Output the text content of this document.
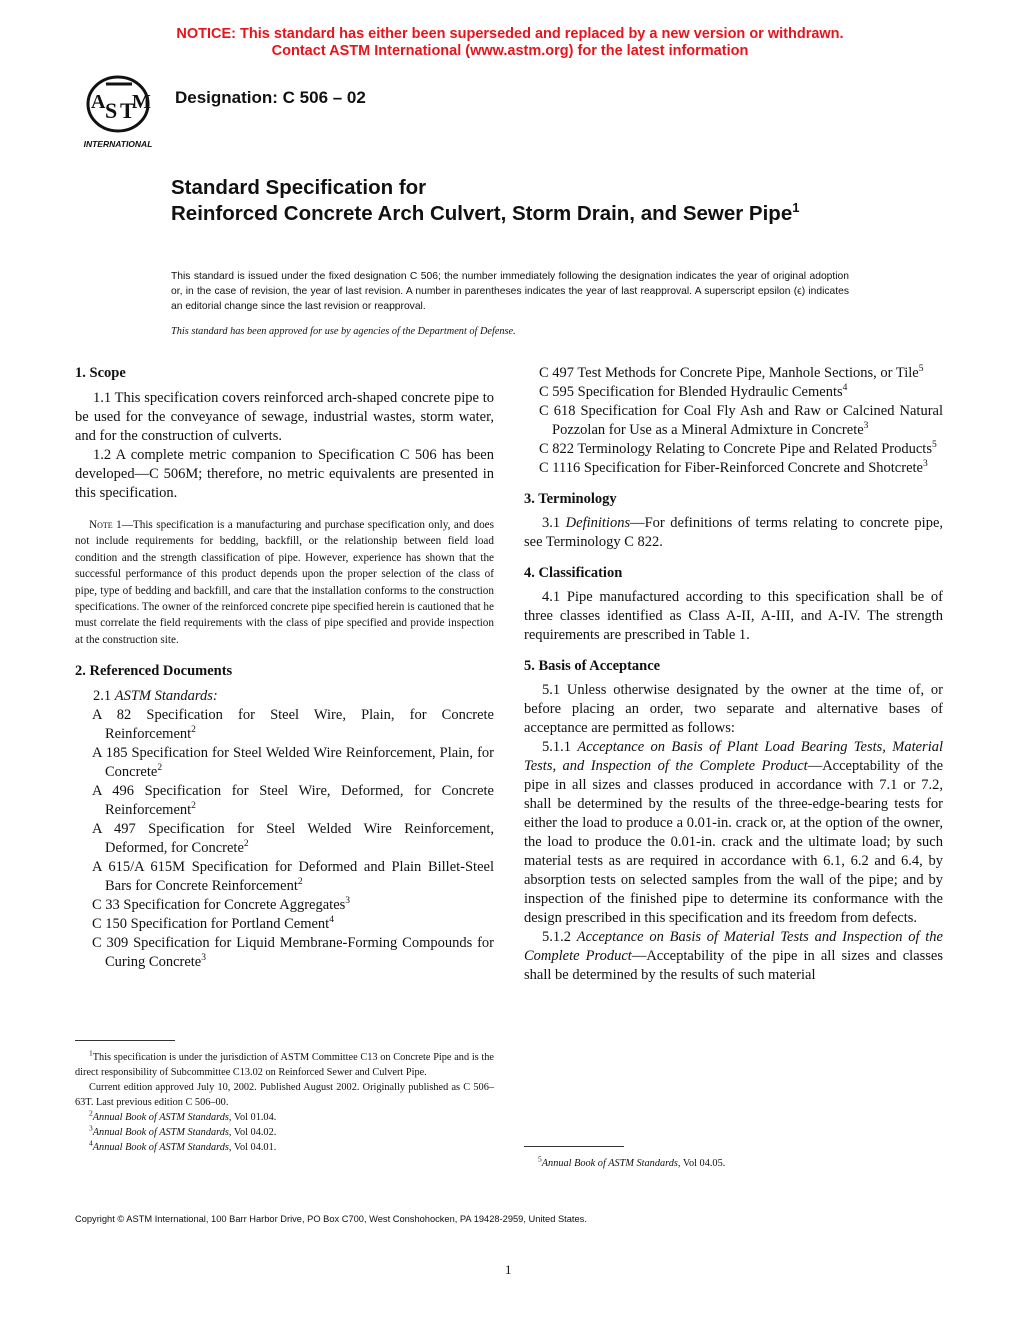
NOTICE: This standard has either been superseded and replaced by a new version or withdrawn.
Contact ASTM International (www.astm.org) for the latest information
A S T
M
INTERNATIONAL
Designation: C 506 – 02
Standard Specification for
Reinforced Concrete Arch Culvert, Storm Drain, and Sewer Pipe$^1$
This standard is issued under the fixed designation C 506; the number immediately following the designation indicates the year of original adoption or, in the case of revision, the year of last revision. A number in parentheses indicates the year of last reapproval. A superscript epsilon (ϵ) indicates an editorial change since the last revision or reapproval.
This standard has been approved for use by agencies of the Department of Defense.

1. Scope

1.1 This specification covers reinforced arch-shaped concrete pipe to be used for the conveyance of sewage, industrial wastes, storm water, and for the construction of culverts.

1.2 A complete metric companion to Specification C 506 has been developed—C 506M; therefore, no metric equivalents are presented in this specification.

Note 1—This specification is a manufacturing and purchase specification only, and does not include requirements for bedding, backfill, or the relationship between field load condition and the strength classification of pipe. However, experience has shown that the successful performance of this product depends upon the proper selection of the class of pipe, type of bedding and backfill, and care that the installation conforms to the construction specifications. The owner of the reinforced concrete pipe specified herein is cautioned that he must correlate the field requirements with the class of pipe specified and provide inspection at the construction site.

2. Referenced Documents

2.1 ASTM Standards:

A 82 Specification for Steel Wire, Plain, for Concrete Reinforcement$^2$

A 185 Specification for Steel Welded Wire Reinforcement, Plain, for Concrete$^2$

A 496 Specification for Steel Wire, Deformed, for Concrete Reinforcement$^2$

A 497 Specification for Steel Welded Wire Reinforcement, Deformed, for Concrete$^2$

A 615/A 615M Specification for Deformed and Plain Billet-Steel Bars for Concrete Reinforcement$^2$

C 33 Specification for Concrete Aggregates$^3$

C 150 Specification for Portland Cement$^4$

C 309 Specification for Liquid Membrane-Forming Compounds for Curing Concrete$^3$

C 497 Test Methods for Concrete Pipe, Manhole Sections, or Tile$^5$

C 595 Specification for Blended Hydraulic Cements$^4$

C 618 Specification for Coal Fly Ash and Raw or Calcined Natural Pozzolan for Use as a Mineral Admixture in Concrete$^3$

C 822 Terminology Relating to Concrete Pipe and Related Products$^5$

C 1116 Specification for Fiber-Reinforced Concrete and Shotcrete$^3$

3. Terminology

3.1 Definitions—For definitions of terms relating to concrete pipe, see Terminology C 822.

4. Classification

4.1 Pipe manufactured according to this specification shall be of three classes identified as Class A-II, A-III, and A-IV. The strength requirements are prescribed in Table 1.

5. Basis of Acceptance

5.1 Unless otherwise designated by the owner at the time of, or before placing an order, two separate and alternative bases of acceptance are permitted as follows:

5.1.1 Acceptance on Basis of Plant Load Bearing Tests, Material Tests, and Inspection of the Complete Product—Acceptability of the pipe in all sizes and classes produced in accordance with 7.1 or 7.2, shall be determined by the results of the three-edge-bearing tests for either the load to produce a 0.01-in. crack or, at the option of the owner, the load to produce the 0.01-in. crack and the ultimate load; by such material tests as are required in accordance with 6.1, 6.2 and 6.4, by absorption tests on selected samples from the wall of the pipe; and by inspection of the finished pipe to determine its conformance with the design prescribed in this specification and its freedom from defects.

5.1.2 Acceptance on Basis of Material Tests and Inspection of the Complete Product—Acceptability of the pipe in all sizes and classes shall be determined by the results of such material

$^1$This specification is under the jurisdiction of ASTM Committee C13 on Concrete Pipe and is the direct responsibility of Subcommittee C13.02 on Reinforced Sewer and Culvert Pipe.

Current edition approved July 10, 2002. Published August 2002. Originally published as C 506–63T. Last previous edition C 506–00.

$^2$Annual Book of ASTM Standards, Vol 01.04.

$^3$Annual Book of ASTM Standards, Vol 04.02.

$^4$Annual Book of ASTM Standards, Vol 04.01.

$^5$Annual Book of ASTM Standards, Vol 04.05.

Copyright © ASTM International, 100 Barr Harbor Drive, PO Box C700, West Conshohocken, PA 19428-2959, United States.
1
